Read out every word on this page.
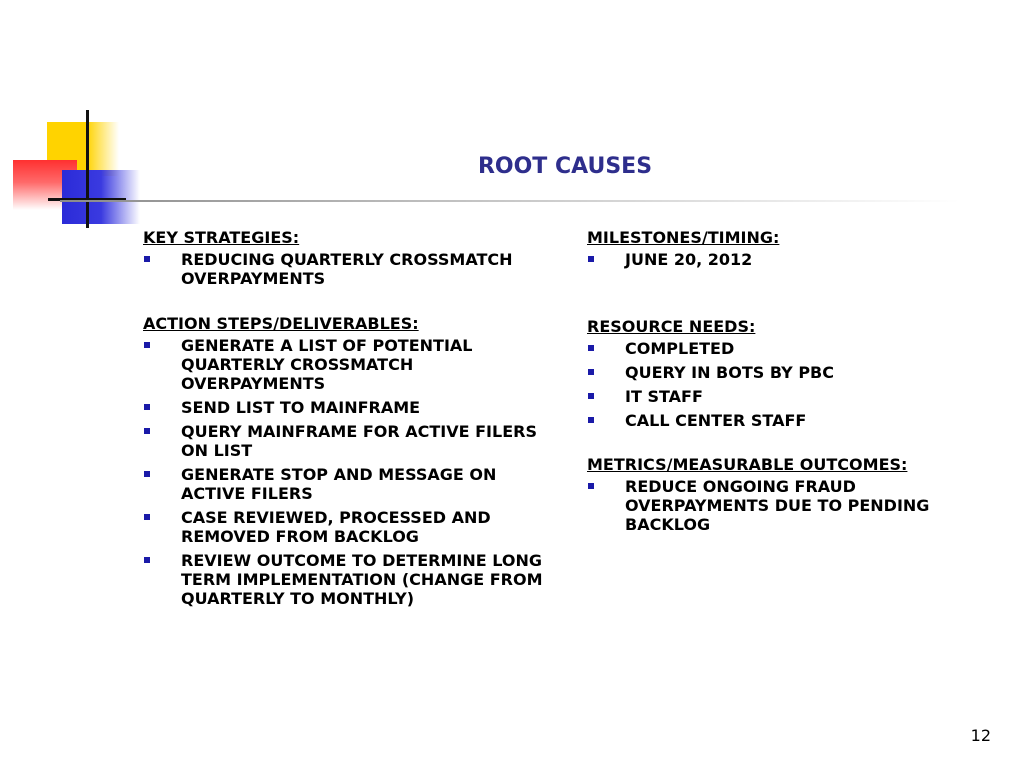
ROOT CAUSES
KEY STRATEGIES:
REDUCING QUARTERLY CROSSMATCH OVERPAYMENTS
ACTION STEPS/DELIVERABLES:
GENERATE A LIST OF POTENTIAL QUARTERLY CROSSMATCH OVERPAYMENTS
SEND LIST TO MAINFRAME
QUERY MAINFRAME FOR ACTIVE FILERS ON LIST
GENERATE STOP AND MESSAGE ON ACTIVE FILERS
CASE REVIEWED, PROCESSED AND REMOVED FROM BACKLOG
REVIEW OUTCOME TO DETERMINE LONG TERM IMPLEMENTATION (CHANGE FROM QUARTERLY TO MONTHLY)
MILESTONES/TIMING:
JUNE 20, 2012
RESOURCE NEEDS:
COMPLETED
QUERY IN BOTS BY PBC
IT STAFF
CALL CENTER STAFF
METRICS/MEASURABLE OUTCOMES:
REDUCE ONGOING FRAUD OVERPAYMENTS DUE TO PENDING BACKLOG
12
